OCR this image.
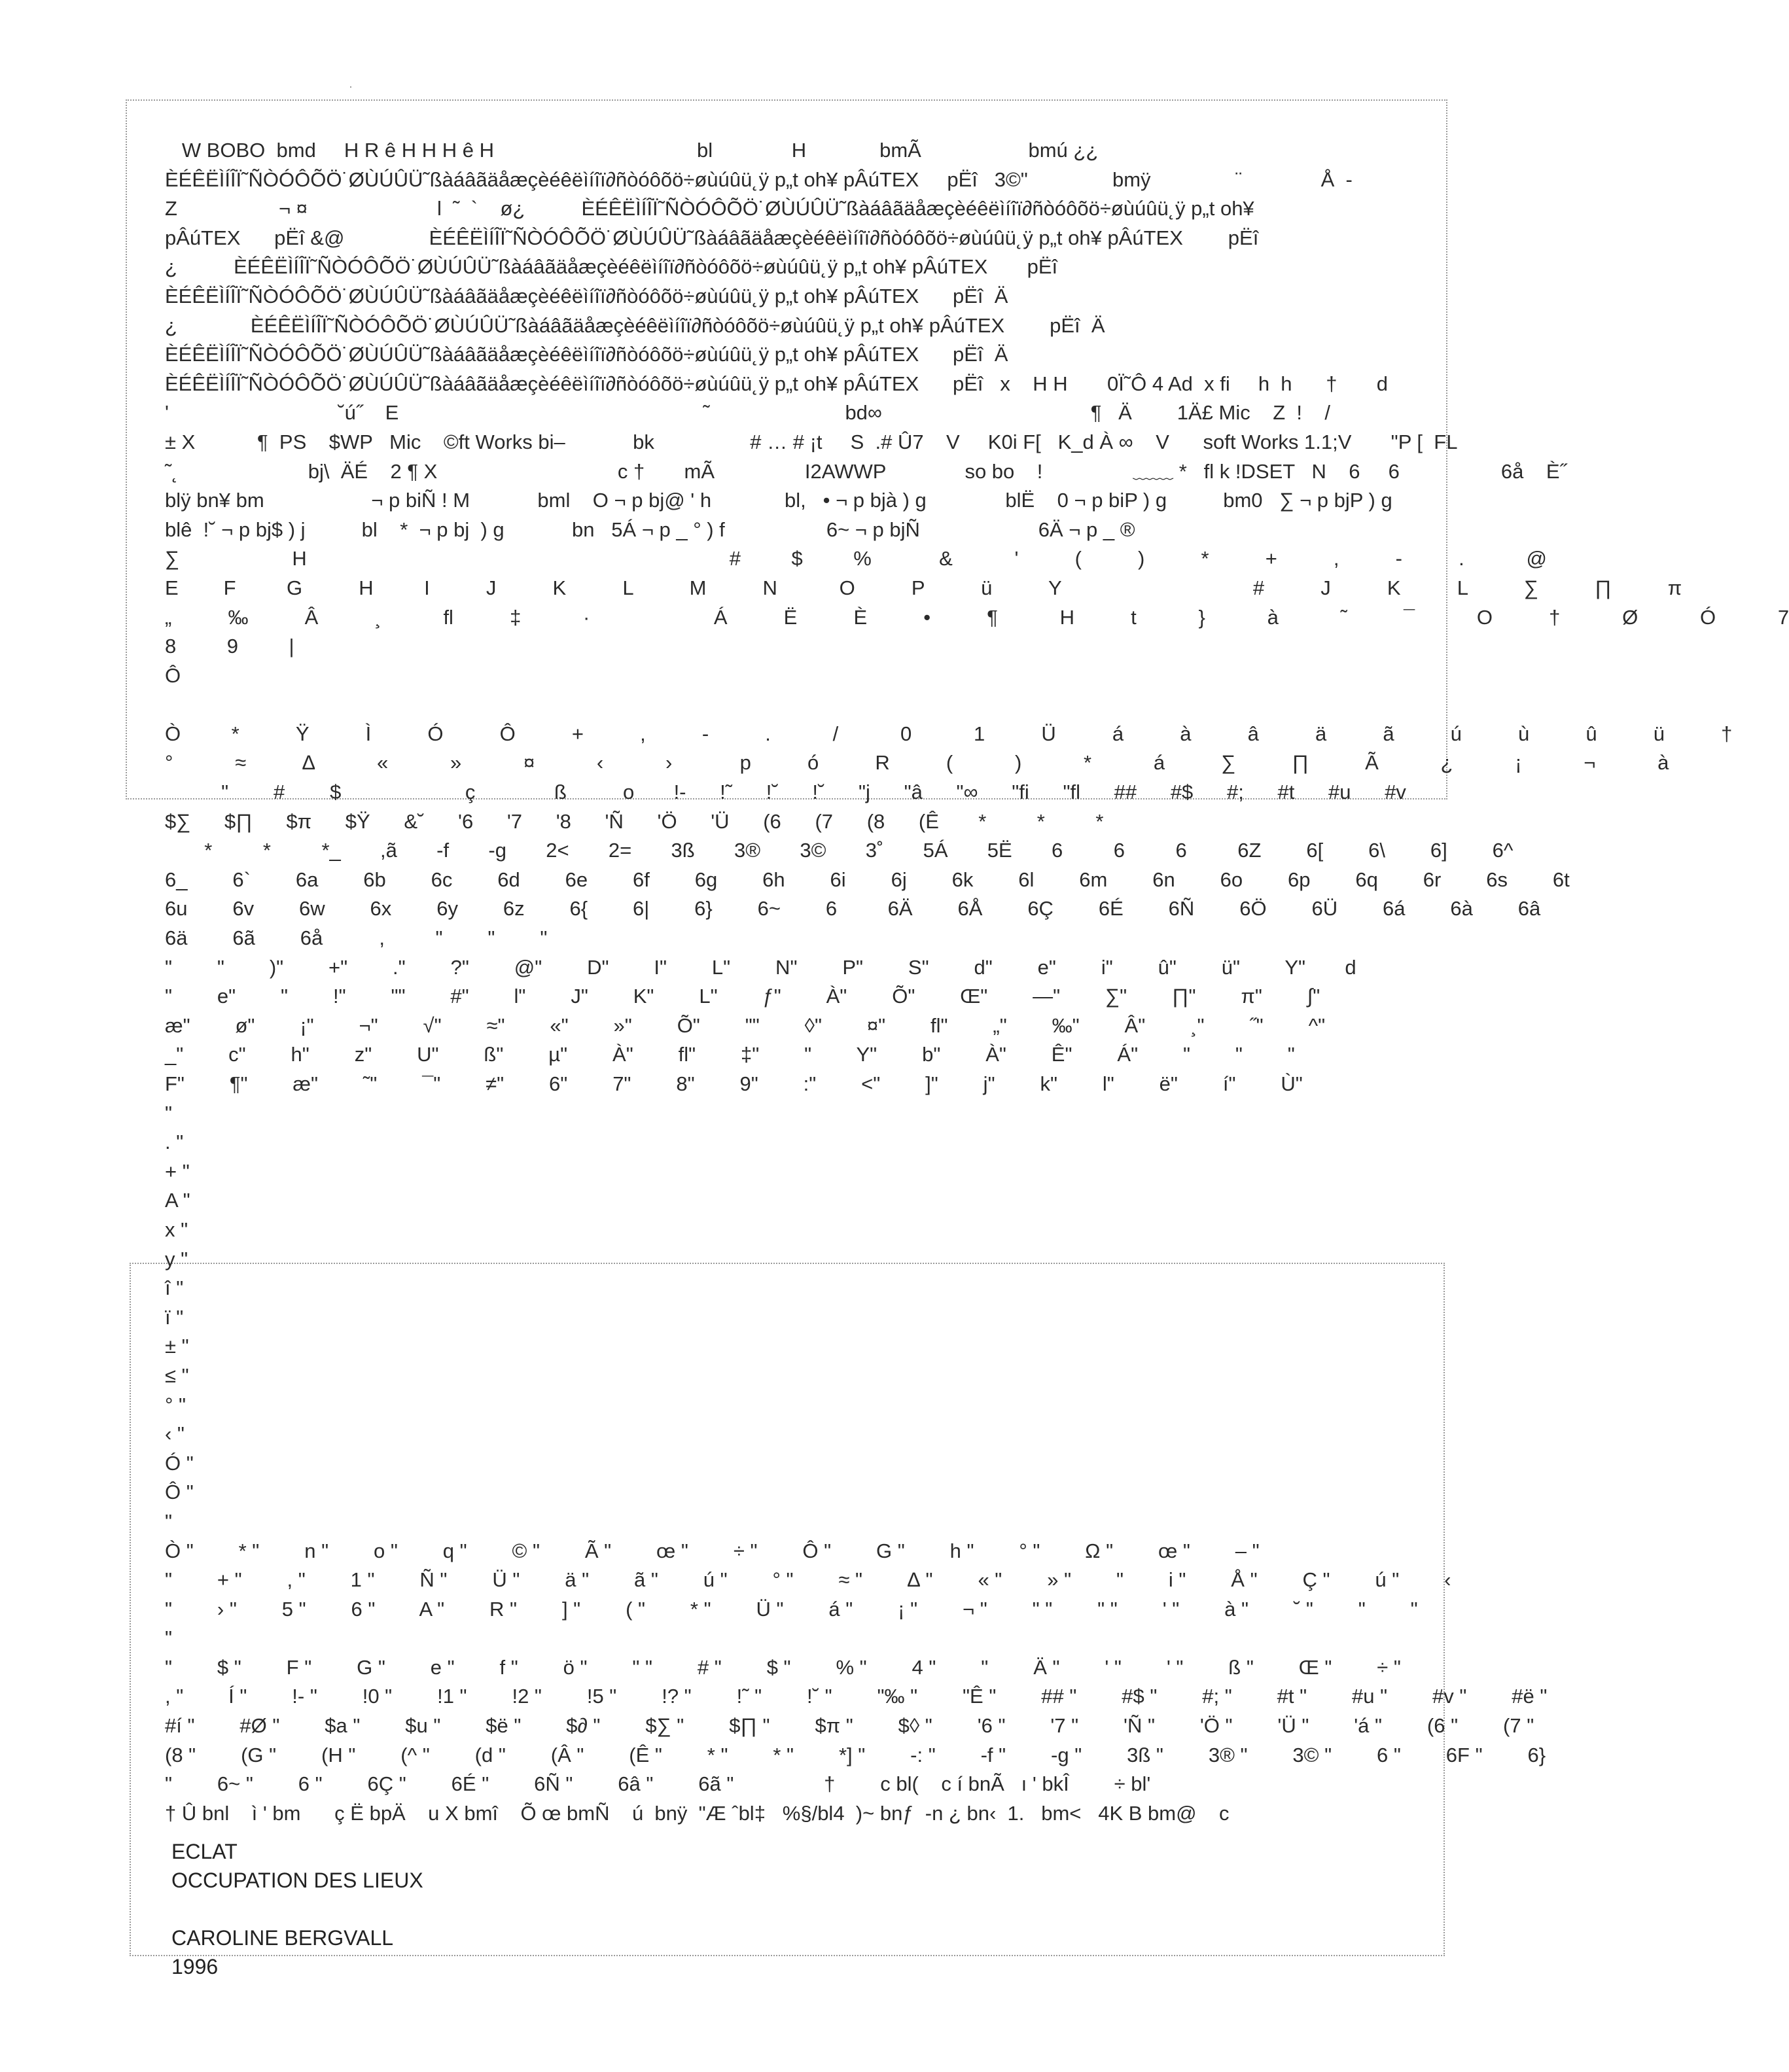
W BOBO  bmd     H R ê H H H ê H                                    bl              H             bmÃ                   bmú ¿¿
ÈÉÊËÌÍÎÏ˜ÑÒÓÔÕÖ˙ØÙÚÛÜ˜ßàáâãäåæçèéêëìíîï∂ñòóôõö÷øùúûü˛ÿ p„t oh¥ pÂúTEX     pËî   3©"               bmÿ               ¨              Å  -
Z                  ¬ ¤                       l  ˜  `    ø¿          ÈÉÊËÌÍÎÏ˜ÑÒÓÔÕÖ˙ØÙÚÛÜ˜ßàáâãäåæçèéêëìíîï∂ñòóôõö÷øùúûü˛ÿ p„t oh¥
pÂúTEX      pËî &@               ÈÉÊËÌÍÎÏ˜ÑÒÓÔÕÖ˙ØÙÚÛÜ˜ßàáâãäåæçèéêëìíîï∂ñòóôõö÷øùúûü˛ÿ p„t oh¥ pÂúTEX        pËî
¿          ÈÉÊËÌÍÎÏ˜ÑÒÓÔÕÖ˙ØÙÚÛÜ˜ßàáâãäåæçèéêëìíîï∂ñòóôõö÷øùúûü˛ÿ p„t oh¥ pÂúTEX       pËî
ÈÉÊËÌÍÎÏ˜ÑÒÓÔÕÖ˙ØÙÚÛÜ˜ßàáâãäåæçèéêëìíîï∂ñòóôõö÷øùúûü˛ÿ p„t oh¥ pÂúTEX      pËî  Ä
¿             ÈÉÊËÌÍÎÏ˜ÑÒÓÔÕÖ˙ØÙÚÛÜ˜ßàáâãäåæçèéêëìíîï∂ñòóôõö÷øùúûü˛ÿ p„t oh¥ pÂúTEX        pËî  Ä
ÈÉÊËÌÍÎÏ˜ÑÒÓÔÕÖ˙ØÙÚÛÜ˜ßàáâãäåæçèéêëìíîï∂ñòóôõö÷øùúûü˛ÿ p„t oh¥ pÂúTEX      pËî  Ä
ÈÉÊËÌÍÎÏ˜ÑÒÓÔÕÖ˙ØÙÚÛÜ˜ßàáâãäåæçèéêëìíîï∂ñòóôõö÷øùúûü˛ÿ p„t oh¥ pÂúTEX      pËî   x    H H       0Ï˜Ô 4 Ad  x fi     h  h      †       d
'                              ˘ú˝    E                                                      ˜                        bd∞                                     ¶   Ä        1Ä£ Mic    Z  !    /
± X           ¶  PS    $WP   Mic    ©ft Works bi–            bk                 # … # ¡t     S  .# Û7    V     K0i F[   K_d À ∞    V      soft Works 1.1;V       "P [  FL
˜˛                       bj\  ÄÉ    2 ¶ X                                c †       mÃ                I2AWWP              so bo    !                ﹏﹏ *   fl k !DSET   N    6     6                  6å    È˝
blÿ bn¥ bm                   ¬ p biÑ ! M            bml    O ¬ p bj@ ' h             bl,   • ¬ p bjà ) g              blË    0 ¬ p biP ) g          bm0   ∑ ¬ p bjP ) g
blê  !˘ ¬ p bj$ ) j          bl    *  ¬ p bj  ) g            bn   5Á ¬ p _ ° ) f                  6~ ¬ p bjÑ                     6Ä ¬ p _ ®
∑                    H                                                                           #         $         %            &           '          (          )          *          +          ,          -          .           @
E        F         G          H         I          J          K          L          M          N           O          P          ü          Y                                  #          J          K          L          ∑          ∏          π
„          ‰          Â          ¸           fl          ‡           ·                      Á          Ë          È          •          ¶           H          t           }           à           ˜          ¯           O          †           Ø           Ó           7
8         9         |
Ô
Ò         *          Ÿ          Ì          Ó          Ô          +          ,          -          .           /           0           1          Ü          á          à          â          ä          ã          ú          ù          û          ü          †
°           ≈          ∆           «           »           ¤           ‹           ›            p          ó          R          (           )           *           á          ∑          ∏          Ã           ¿           ¡           ¬           à
"        #        $                      ç              ß          o       !-      !˜      !˘      !˘      "j      "â      "∞      "fi      "fl      ##      #$      #;      #t      #u      #v
$∑      $∏      $π      $Ÿ      &˘      '6      '7      '8      'Ñ      'Ö      'Ü      (6      (7      (8      (Ê       *         *         *
*         *         *_       ,ã       -f       -g       2<       2=       3ß       3®       3©       3˚       5Á       5Ë       6         6         6         6Z        6[        6\        6]        6^
6_        6`        6a        6b        6c        6d        6e        6f        6g        6h        6i        6j        6k        6l        6m        6n        6o        6p        6q        6r        6s        6t
6u        6v        6w        6x        6y        6z        6{        6|        6}        6~        6         6Ä        6Å        6Ç        6É        6Ñ        6Ö        6Ü        6á        6à        6â
6ä        6ã        6å          ,         "        "        "
"        "        )"        +"        ."        ?"        @"        D"        I"        L"        N"        P"        S"        d"        e"        i"        û"        ü"        Y"       d
"        e"        "        !"        ""        #"        l"        J"        K"        L"        ƒ"        À"        Õ"        Œ"        —"        ∑"        ∏"        π"        ∫"
æ"        ø"        ¡"        ¬"        √"        ≈"        «"        »"        Õ"        ""        ◊"        ¤"        fl"        „"        ‰"        Â"        ¸"        ˝"        ^"
_"        c"        h"        z"        U"        ß"        µ"        À"        fl"        ‡"        "        Y"        b"        À"        Ê"        Á"        "        "        "
F"        ¶"        æ"        ˜"        ¯"        ≠"        6"        7"        8"        9"        :"        <"        ]"        j"        k"        l"        ë"        í"        Ù"
"
. "
+ "
A "
x "
y "
î "
ï "
± "
≤ "
° "
‹ "
Ó "
Ô "
"
Ò "        * "        n "        o "        q "        © "        Ã "        œ "        ÷ "        Ô "        G "        h "        ° "        Ω "        œ "        – "
"        + "        , "        1 "        Ñ "        Ü "        ä "        ã "        ú "        ° "        ≈ "        ∆ "        « "        » "        "        i "        Å "        Ç "        ú "        ‹
"        › "        5 "        6 "        A "        R "        ] "        ( "        * "        Ü "        á "        ¡ "        ¬ "        " "        " "        ' "        à "        ˘ "        "        "
"
"        $ "        F "        G "        e "        f "        ö "        " "        # "        $ "        % "        4 "        "        Ä "        ' "        ' "        ß "        Œ "        ÷ "
, "        Í "        !- "        !0 "        !1 "        !2 "        !5 "        !? "        !˜ "        !˘ "        "‰ "        "Ê "        ## "        #$ "        #; "        #t "        #u "        #v "        #ë "
#í "        #Ø "        $a "        $u "        $ë "        $∂ "        $∑ "        $∏ "        $π "        $◊ "        '6 "        '7 "        'Ñ "        'Ö "        'Ü "        'á "        (6 "        (7 "
(8 "        (G "        (H "        (^ "        (d "        (Â "        (Ê "        * "        * "        *] "        -: "        -f "        -g "        3ß "        3® "        3© "        6 "        6F "        6}
"        6~ "        6 "        6Ç "        6É "        6Ñ "        6â "        6ã "                †        c bl(    c í bnÃ   ı ' bkÎ        ÷ bl'
† Û bnl    ì ' bm      ç Ë bpÄ    u X bmî    Õ œ bmÑ    ú  bnÿ  "Æ ˆbl‡   %§/bl4  )~ bnƒ  -n ¿ bn‹  1.   bm<   4K B bm@    c
ECLAT
OCCUPATION DES LIEUX
CAROLINE BERGVALL
1996
